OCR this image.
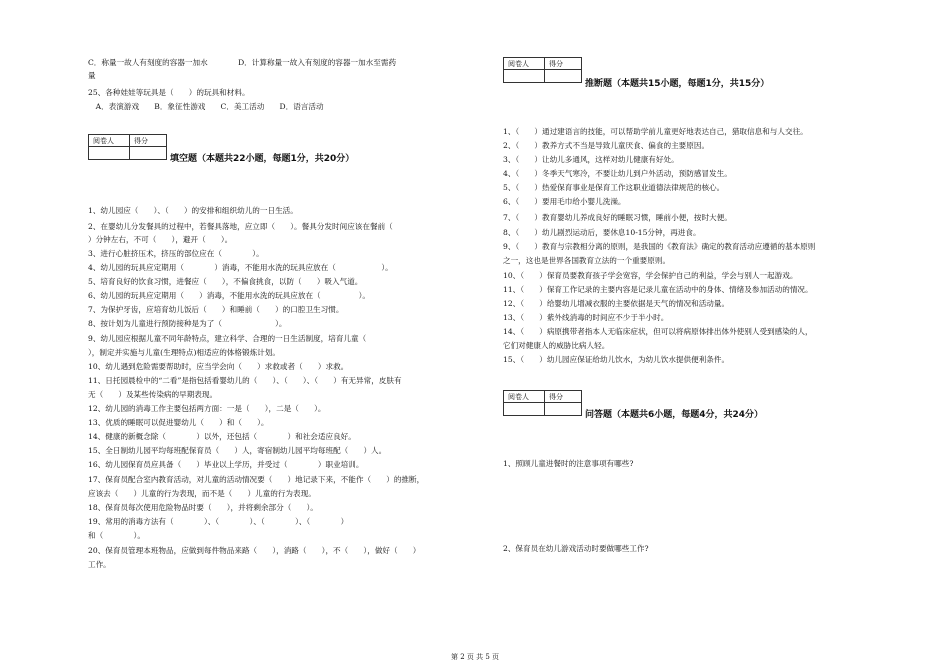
C．称量一故人有刻度的容器一加水　　　　D．计算称量一故入有刻度的容器一加水至需药
量
25、各种娃娃等玩具是（　　）的玩具和材料。
　A．表演游戏　　B．象征性游戏　　C．美工活动　　D．语言活动
阅卷人	得分

填空题（本题共22小题，每题1分，共20分）
1、幼儿园应（　　）、（　　）的安排和组织幼儿的一日生活。
2、在婴幼儿分发餐具的过程中，若餐具落地，应立即（　　）。餐具分发时间应该在餐前（
）分钟左右，不可（　　），避开（　　）。
3、进行心脏挤压术，挤压的部位应在（　　　　）。
4、幼儿园的玩具应定期用（　　　　）消毒，不能用水洗的玩具应放在（　　　　　　）。
5、培育良好的饮食习惯，进餐应（　　），不偏食挑食，以防（　　）吸入气道。
6、幼儿园的玩具应定期用（　　）消毒，不能用水洗的玩具应放在（　　　　　）。
7、为保护牙齿，应培育幼儿饭后（　　）和睡前（　　）的口腔卫生习惯。
8、按计划为儿童进行预防接种是为了（　　　　　　　）。
9、幼儿园应根据儿童不同年龄特点，建立科学、合理的一日生活制度，培育儿童（　　
），制定并实施与儿童(生理特点)相适应的体格锻炼计划。
10、幼儿遇到危险需要帮助时，应当学会向（　　）求救或者（　　）求救。
11、日托园晨检中的“二看”是指包括看婴幼儿的（　　）、（　　）、（　　）有无异常，皮肤有
无（　　）及某些传染病的早期表现。
12、幼儿园的消毒工作主要包括两方面：一是（　　），二是（　　）。
13、优质的睡眠可以促进婴幼儿（　　）和（　　）。
14、健康的新概念除（　　　　）以外，还包括（　　　　）和社会适应良好。
15、全日制幼儿园平均每班配保育员（　　）人，寄宿制幼儿园平均每班配（　　）人。
16、幼儿园保育员应具备（　　）毕业以上学历，并受过（　　　　）职业培训。
17、保育员配合室内教育活动，对儿童的活动情况要（　　）地记录下来，不能作（　　）的推断，
应该去（　　）儿童的行为表现，而不是（　　）儿童的行为表现。
18、保育员每次使用危险物品时要（　　），并将剩余部分（　　）。
19、常用的消毒方法有（　　　　）、（　　　　）、（　　　　）、（　　　　）
和（　　　　）。
20、保育员管理本班物品，应做到每件物品来路（　　），消路（　　），不（　　），做好（　　）
工作。
阅卷人	得分

推断题（本题共15小题，每题1分，共15分）
1、（　　）通过建语言的技能，可以帮助学前儿童更好地表达自己，猎取信息和与人交往。
2、（　　）教养方式不当是导致儿童厌食、偏食的主要原因。
3、（　　）让幼儿多通风，这样对幼儿健康有好处。
4、（　　）冬季天气寒冷，不要让幼儿到户外活动，预防感冒发生。
5、（　　）热爱保育事业是保育工作这职业道德法律规范的核心。
6、（　　）要用毛巾给小婴儿洗澡。
7、（　　）教育婴幼儿养成良好的睡眠习惯，睡前小便，按时大便。
8、（　　）幼儿剧烈运动后，要休息10-15分钟，再进食。
9、（　　）教育与宗教相分离的原则，是我国的《教育法》确定的教育活动应遵循的基本原则
之一，这也是世界各国教育立法的一个重要原则。
10、（　　）保育员要教育孩子学会宽容，学会保护自己的利益，学会与别人一起游戏。
11、（　　）保育工作记录的主要内容是记录儿童在活动中的身体、情绪及参加活动的情况。
12、（　　）给婴幼儿增减衣服的主要依据是天气的情况和活动量。
13、（　　）紫外线消毒的时间应不少于半小时。
14、（　　）病原携带者指本人无临床症状，但可以将病原体排出体外使别人受到感染的人，
它们对健康人的威胁比病人轻。
15、（　　）幼儿园应保证给幼儿饮水，为幼儿饮水提供便利条件。
阅卷人	得分

问答题（本题共6小题，每题4分，共24分）
1、照顾儿童进餐时的注意事项有哪些?
2、保育员在幼儿游戏活动时要做哪些工作?
第 2 页 共 5 页
